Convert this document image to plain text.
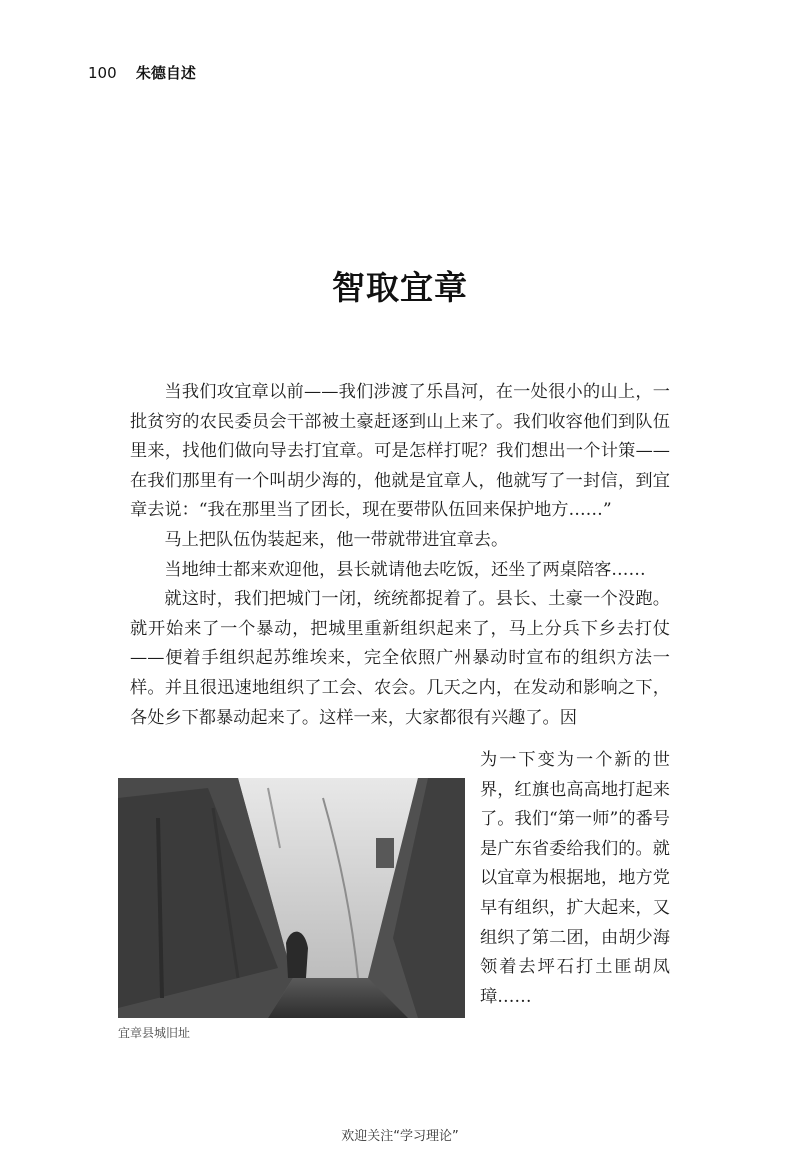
100 朱德自述
智取宜章

当我们攻宜章以前——我们涉渡了乐昌河，在一处很小的山上，一批贫穷的农民委员会干部被土豪赶逐到山上来了。我们收容他们到队伍里来，找他们做向导去打宜章。可是怎样打呢？我们想出一个计策——在我们那里有一个叫胡少海的，他就是宜章人，他就写了一封信，到宜章去说：“我在那里当了团长，现在要带队伍回来保护地方……”

马上把队伍伪装起来，他一带就带进宜章去。

当地绅士都来欢迎他，县长就请他去吃饭，还坐了两桌陪客……

就这时，我们把城门一闭，统统都捉着了。县长、土豪一个没跑。就开始来了一个暴动，把城里重新组织起来了，马上分兵下乡去打仗——便着手组织起苏维埃来，完全依照广州暴动时宣布的组织方法一样。并且很迅速地组织了工会、农会。几天之内，在发动和影响之下，各处乡下都暴动起来了。这样一来，大家都很有兴趣了。因

宜章县城旧址

为一下变为一个新的世界，红旗也高高地打起来了。我们“第一师”的番号是广东省委给我们的。就以宜章为根据地，地方党早有组织，扩大起来，又组织了第二团，由胡少海领着去坪石打土匪胡凤璋……

欢迎关注“学习理论”
